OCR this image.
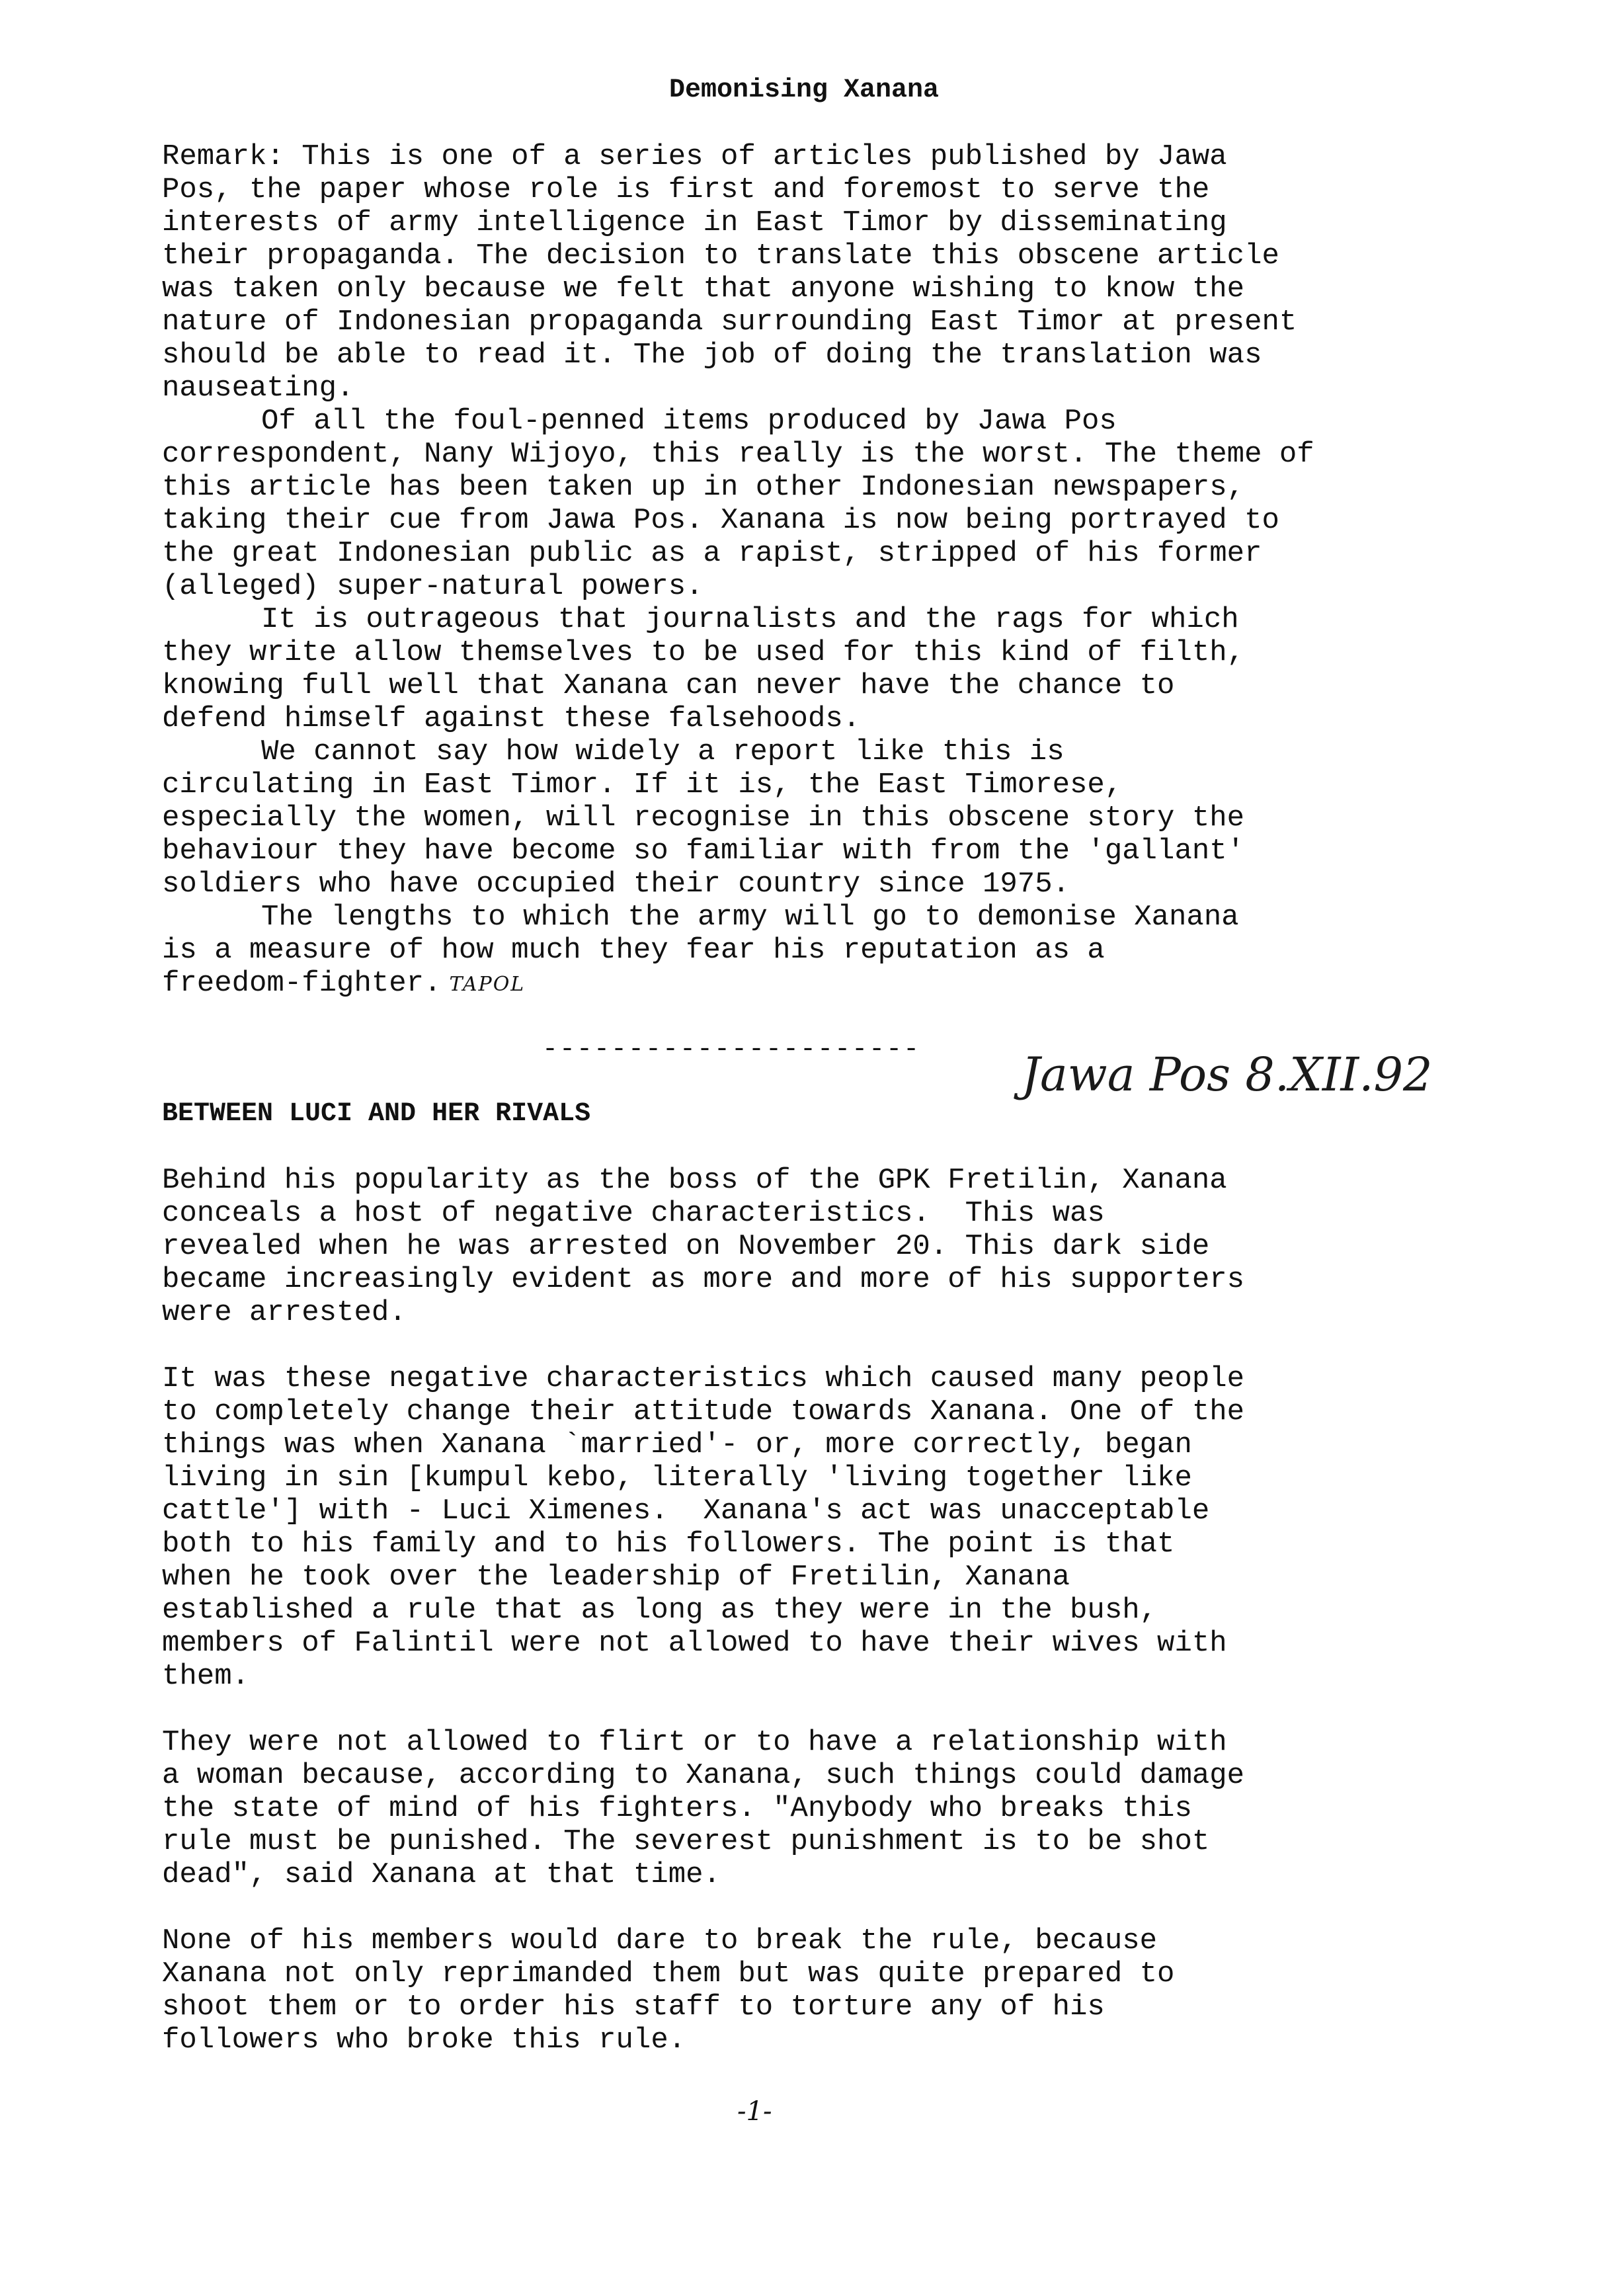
Demonising Xanana

Remark: This is one of a series of articles published by Jawa

Pos, the paper whose role is first and foremost to serve the

interests of army intelligence in East Timor by disseminating

their propaganda. The decision to translate this obscene article

was taken only because we felt that anyone wishing to know the

nature of Indonesian propaganda surrounding East Timor at present

should be able to read it. The job of doing the translation was

nauseating.

Of all the foul-penned items produced by Jawa Pos

correspondent, Nany Wijoyo, this really is the worst. The theme of

this article has been taken up in other Indonesian newspapers,

taking their cue from Jawa Pos. Xanana is now being portrayed to

the great Indonesian public as a rapist, stripped of his former

(alleged) super-natural powers.

It is outrageous that journalists and the rags for which

they write allow themselves to be used for this kind of filth,

knowing full well that Xanana can never have the chance to

defend himself against these falsehoods.

We cannot say how widely a report like this is

circulating in East Timor. If it is, the East Timorese,

especially the women, will recognise in this obscene story the

behaviour they have become so familiar with from the 'gallant'

soldiers who have occupied their country since 1975.

The lengths to which the army will go to demonise Xanana

is a measure of how much they fear his reputation as a

freedom-fighter. TAPOL

---------------------- Jawa Pos 8.XII.92
BETWEEN LUCI AND HER RIVALS

Behind his popularity as the boss of the GPK Fretilin, Xanana

conceals a host of negative characteristics.  This was

revealed when he was arrested on November 20. This dark side

became increasingly evident as more and more of his supporters

were arrested.

It was these negative characteristics which caused many people

to completely change their attitude towards Xanana. One of the

things was when Xanana `married'- or, more correctly, began

living in sin [kumpul kebo, literally 'living together like

cattle'] with - Luci Ximenes.  Xanana's act was unacceptable

both to his family and to his followers. The point is that

when he took over the leadership of Fretilin, Xanana

established a rule that as long as they were in the bush,

members of Falintil were not allowed to have their wives with

them.

They were not allowed to flirt or to have a relationship with

a woman because, according to Xanana, such things could damage

the state of mind of his fighters. "Anybody who breaks this

rule must be punished. The severest punishment is to be shot

dead", said Xanana at that time.

None of his members would dare to break the rule, because

Xanana not only reprimanded them but was quite prepared to

shoot them or to order his staff to torture any of his

followers who broke this rule.

-1-
